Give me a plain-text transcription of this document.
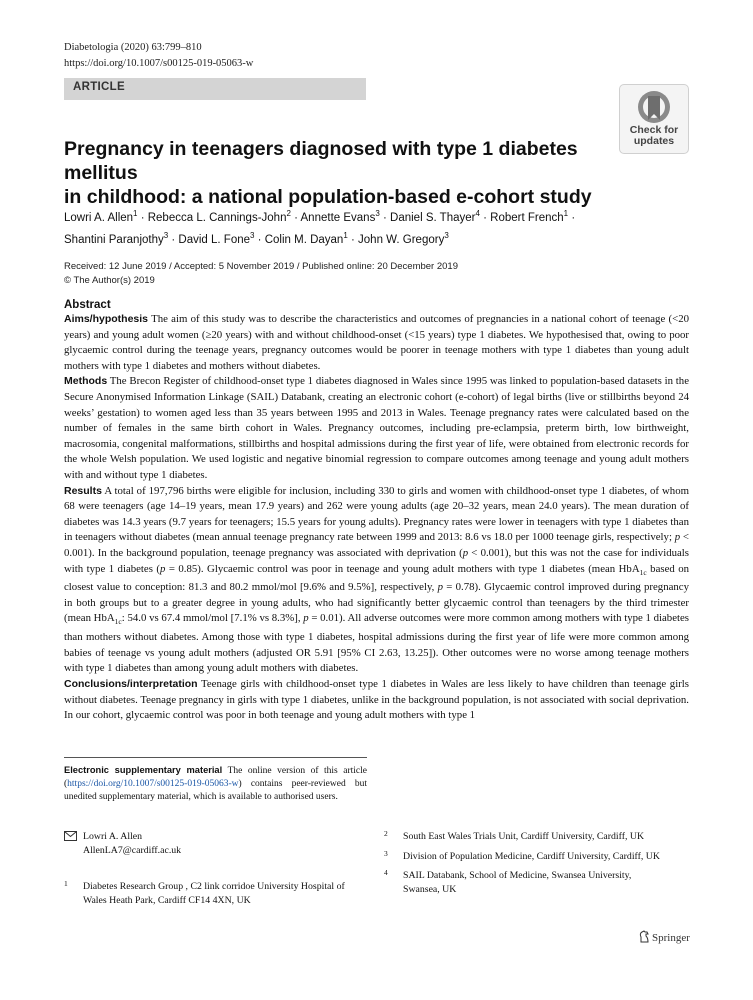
Diabetologia (2020) 63:799–810
https://doi.org/10.1007/s00125-019-05063-w
ARTICLE
Check for
updates
Pregnancy in teenagers diagnosed with type 1 diabetes mellitus
in childhood: a national population-based e-cohort study
Lowri A. Allen$^1$ · Rebecca L. Cannings-John$^2$ · Annette Evans$^3$ · Daniel S. Thayer$^4$ · Robert French$^1$ ·
Shantini Paranjothy$^3$ · David L. Fone$^3$ · Colin M. Dayan$^1$ · John W. Gregory$^3$
Received: 12 June 2019 / Accepted: 5 November 2019 / Published online: 20 December 2019
© The Author(s) 2019
Abstract

Aims/hypothesis The aim of this study was to describe the characteristics and outcomes of pregnancies in a national cohort of teenage (<20 years) and young adult women (≥20 years) with and without childhood-onset (<15 years) type 1 diabetes. We hypothesised that, owing to poor glycaemic control during the teenage years, pregnancy outcomes would be poorer in teenage mothers with type 1 diabetes than young adult mothers with type 1 diabetes and mothers without diabetes.

Methods The Brecon Register of childhood-onset type 1 diabetes diagnosed in Wales since 1995 was linked to population-based datasets in the Secure Anonymised Information Linkage (SAIL) Databank, creating an electronic cohort (e-cohort) of legal births (live or stillbirths beyond 24 weeks’ gestation) to women aged less than 35 years between 1995 and 2013 in Wales. Teenage pregnancy rates were calculated based on the number of females in the same birth cohort in Wales. Pregnancy outcomes, including pre-eclampsia, preterm birth, low birthweight, macrosomia, congenital malformations, stillbirths and hospital admissions during the first year of life, were obtained from electronic records for the whole Welsh population. We used logistic and negative binomial regression to compare outcomes among teenage and young adult mothers with and without type 1 diabetes.

Results A total of 197,796 births were eligible for inclusion, including 330 to girls and women with childhood-onset type 1 diabetes, of whom 68 were teenagers (age 14–19 years, mean 17.9 years) and 262 were young adults (age 20–32 years, mean 24.0 years). The mean duration of diabetes was 14.3 years (9.7 years for teenagers; 15.5 years for young adults). Pregnancy rates were lower in teenagers with type 1 diabetes than in teenagers without diabetes (mean annual teenage pregnancy rate between 1999 and 2013: 8.6 vs 18.0 per 1000 teenage girls, respectively; p < 0.001). In the background population, teenage pregnancy was associated with deprivation (p < 0.001), but this was not the case for individuals with type 1 diabetes (p = 0.85). Glycaemic control was poor in teenage and young adult mothers with type 1 diabetes (mean HbA$_{1c}$ based on closest value to conception: 81.3 and 80.2 mmol/mol [9.6% and 9.5%], respectively, p = 0.78). Glycaemic control improved during pregnancy in both groups but to a greater degree in young adults, who had significantly better glycaemic control than teenagers by the third trimester (mean HbA$_{1c}$: 54.0 vs 67.4 mmol/mol [7.1% vs 8.3%], p = 0.01). All adverse outcomes were more common among mothers with type 1 diabetes than mothers without diabetes. Among those with type 1 diabetes, hospital admissions during the first year of life were more common among babies of teenage vs young adult mothers (adjusted OR 5.91 [95% CI 2.63, 13.25]). Other outcomes were no worse among teenage mothers with type 1 diabetes than among young adult mothers with diabetes.

Conclusions/interpretation Teenage girls with childhood-onset type 1 diabetes in Wales are less likely to have children than teenage girls without diabetes. Teenage pregnancy in girls with type 1 diabetes, unlike in the background population, is not associated with social deprivation. In our cohort, glycaemic control was poor in both teenage and young adult mothers with type 1

Electronic supplementary material The online version of this article (https://doi.org/10.1007/s00125-019-05063-w) contains peer-reviewed but unedited supplementary material, which is available to authorised users.
Lowri A. Allen
AllenLA7@cardiff.ac.uk
1 Diabetes Research Group , C2 link corridoe University Hospital of
Wales Heath Park, Cardiff CF14 4XN, UK
2 South East Wales Trials Unit, Cardiff University, Cardiff, UK
3 Division of Population Medicine, Cardiff University, Cardiff, UK
4 SAIL Databank, School of Medicine, Swansea University,
Swansea, UK
Springer
